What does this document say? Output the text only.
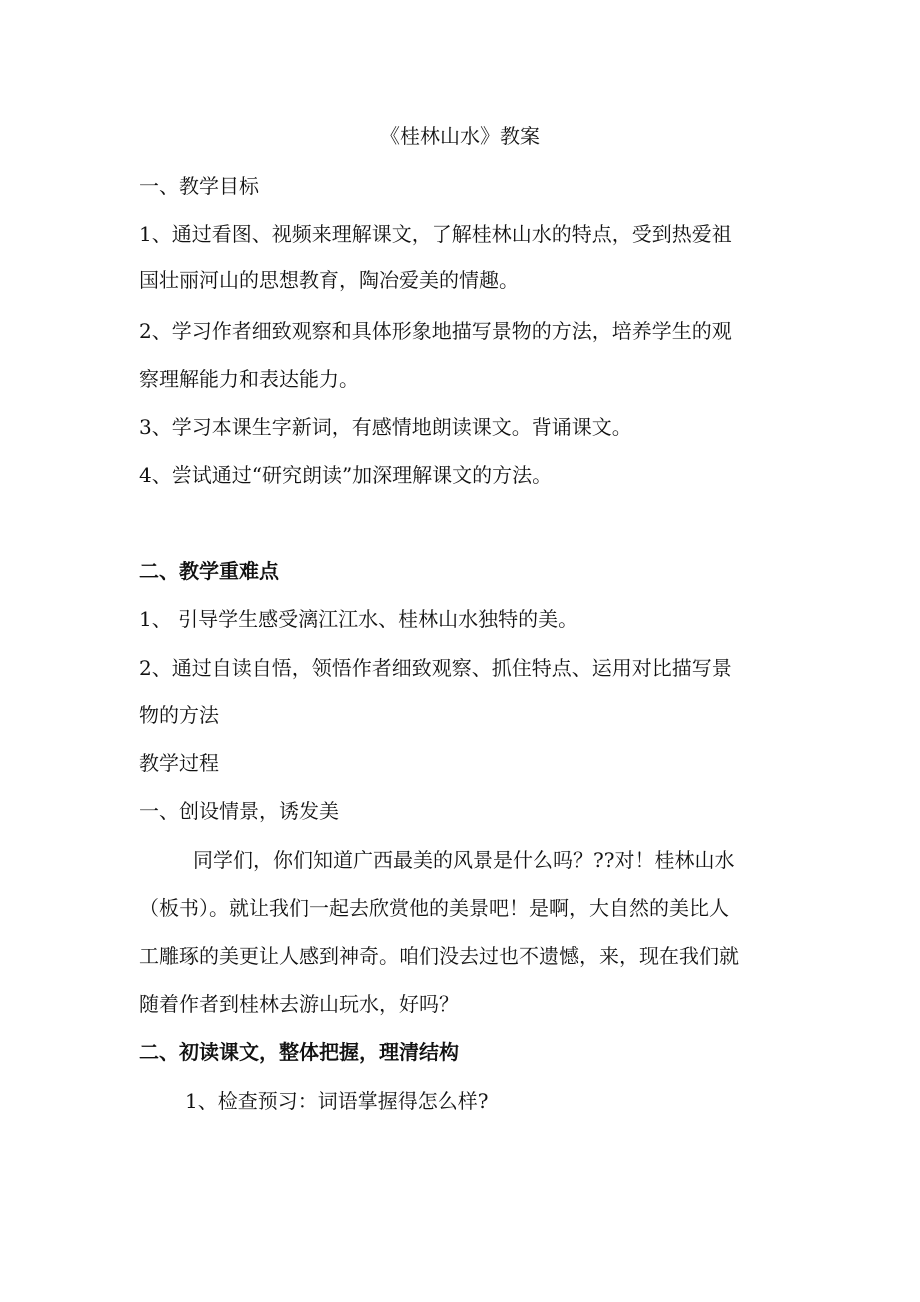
《桂林山水》教案
一、教学目标
1、通过看图、视频来理解课文，了解桂林山水的特点，受到热爱祖
国壮丽河山的思想教育，陶冶爱美的情趣。
2、学习作者细致观察和具体形象地描写景物的方法，培养学生的观
察理解能力和表达能力。
3、学习本课生字新词，有感情地朗读课文。背诵课文。
4、尝试通过“研究朗读”加深理解课文的方法。
二、教学重难点
1、 引导学生感受漓江江水、桂林山水独特的美。
2、通过自读自悟，领悟作者细致观察、抓住特点、运用对比描写景
物的方法
教学过程
一、创设情景，诱发美
同学们，你们知道广西最美的风景是什么吗？??对！桂林山水
（板书）。就让我们一起去欣赏他的美景吧！是啊，大自然的美比人
工雕琢的美更让人感到神奇。咱们没去过也不遗憾，来，现在我们就
随着作者到桂林去游山玩水，好吗？
二、初读课文，整体把握，理清结构
1、检查预习：词语掌握得怎么样?
